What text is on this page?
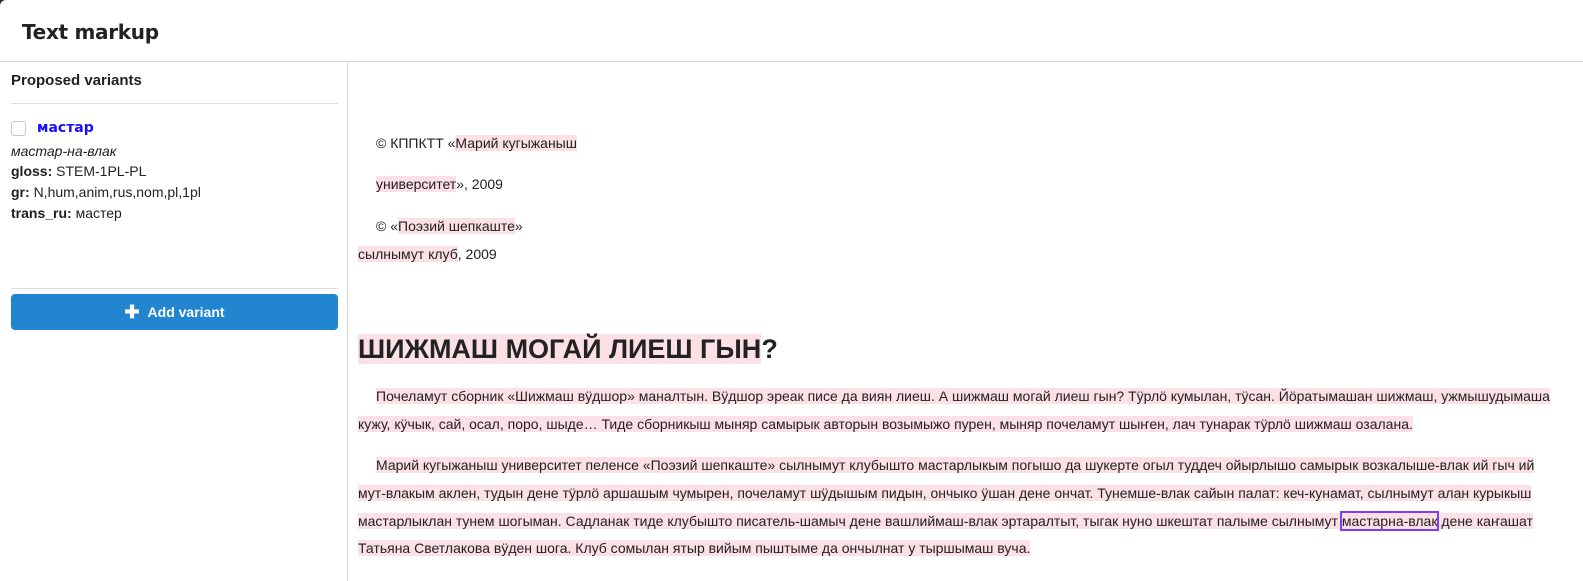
Text markup
Proposed variants
мастар
мастар-на-влак
gloss: STEM-1PL-PL
gr: N,hum,anim,rus,nom,pl,1pl
trans_ru: мастер
✚ Add variant
© КППКТТ «Марий кугыжаныш
университет», 2009
© «Поэзий шепкаште»
сылнымут клуб, 2009
ШИЖМАШ МОГАЙ ЛИЕШ ГЫН?
Почеламут сборник «Шижмаш вӱдшор» маналтын. Вӱдшор эреак писе да виян лиеш. А шижмаш могай лиеш гын? Тӱрлӧ кумылан, тӱсан. Йӧратымашан шижмаш, ужмышудымаша
кужу, кӱчык, сай, осал, поро, шыде… Тиде сборникыш мыняр самырык авторын возымыжо пурен, мыняр почеламут шыҥен, лач тунарак тӱрлӧ шижмаш озалана.
Марий кугыжаныш университет пеленсе «Поэзий шепкаште» сылнымут клубышто мастарлыкым погышо да шукерте огыл туддеч ойырлышо самырык возкалыше-влак ий гыч ий
мут-влакым аклен, тудын дене тӱрлӧ аршашым чумырен, почеламут шӱдышым пидын, ончыко ӱшан дене ончат. Тунемше-влак сайын палат: кеч-кунамат, сылнымут алан курыкыш
мастарлыклан тунем шогыман. Садланак тиде клубышто писатель-шамыч дене вашлиймаш-влак эртаралтыт, тыгак нуно шкештат палыме сылнымут мастарна-влак дене каҥашат
Татьяна Светлакова вӱден шога. Клуб сомылан ятыр вийым пыштыме да ончылнат у тыршымаш вуча.
